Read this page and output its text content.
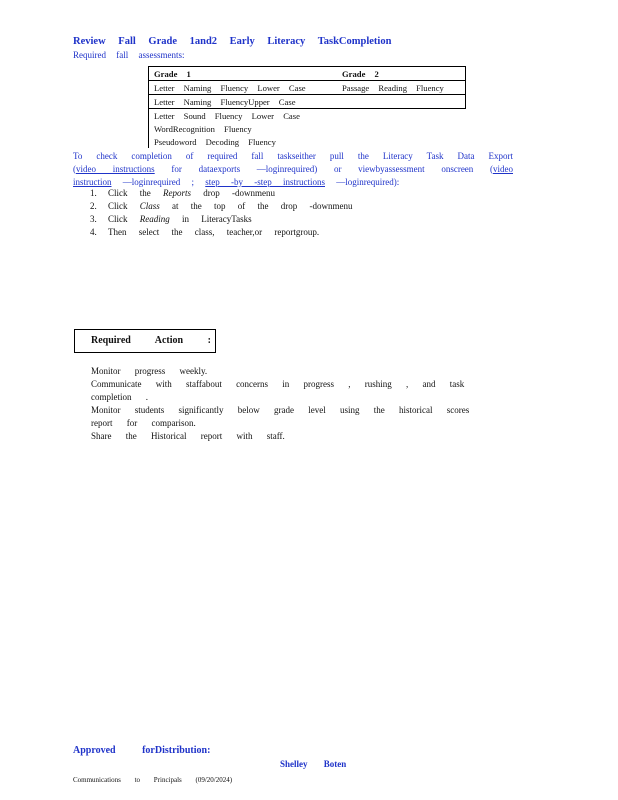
Review Fall Grade 1and2 Early Literacy TaskCompletion
Required fall assessments:
Grade 1	Grade 2
Letter Naming Fluency Lower Case	Passage Reading Fluency
Letter Naming FluencyUpper Case	
Letter Sound Fluency Lower Case	
WordRecognition Fluency	
Pseudoword Decoding Fluency	
To check completion of required fall taskseither pull the Literacy Task Data Export (video instructions for dataexports —loginrequired) or viewbyassessment onscreen (video instruction —loginrequired ; step -by -step instructions —loginrequired):
1. Click the Reports drop -downmenu
2. Click Class at the top of the drop -downmenu
3. Click Reading in LiteracyTasks
4. Then select the class, teacher,or reportgroup.
Required Action :
Monitor progress weekly.
Communicate with staffabout concerns in progress , rushing , and task completion .
Monitor students significantly below grade level using the historical scores report for comparison.
Share the Historical report with staff.
Approved forDistribution:
Shelley Boten
Communications to Principals (09/20/2024)
